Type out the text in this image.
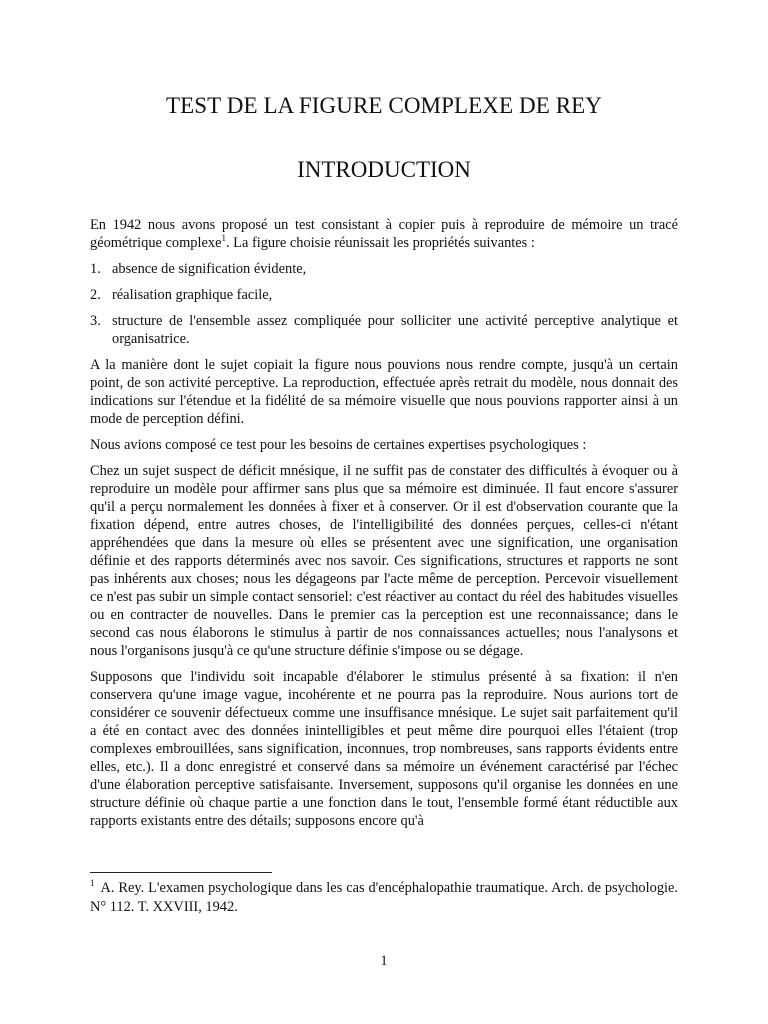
TEST DE LA FIGURE COMPLEXE DE REY
INTRODUCTION

En 1942 nous avons proposé un test consistant à copier puis à reproduire de mémoire un tracé géométrique complexe$^1$. La figure choisie réunissait les propriétés suivantes :

1. absence de signification évidente,
2. réalisation graphique facile,
3. structure de l'ensemble assez compliquée pour solliciter une activité perceptive analytique et organisatrice.

A la manière dont le sujet copiait la figure nous pouvions nous rendre compte, jusqu'à un certain point, de son activité perceptive. La reproduction, effectuée après retrait du modèle, nous donnait des indications sur l'étendue et la fidélité de sa mémoire visuelle que nous pouvions rapporter ainsi à un mode de perception défini.

Nous avions composé ce test pour les besoins de certaines expertises psychologiques :

Chez un sujet suspect de déficit mnésique, il ne suffit pas de constater des difficultés à évoquer ou à reproduire un modèle pour affirmer sans plus que sa mémoire est diminuée. Il faut encore s'assurer qu'il a perçu normalement les données à fixer et à conserver. Or il est d'observation courante que la fixation dépend, entre autres choses, de l'intelligibilité des données perçues, celles-ci n'étant appréhendées que dans la mesure où elles se présentent avec une signification, une organisation définie et des rapports déterminés avec nos savoir. Ces significations, structures et rapports ne sont pas inhérents aux choses; nous les dégageons par l'acte même de perception. Percevoir visuellement ce n'est pas subir un simple contact sensoriel: c'est réactiver au contact du réel des habitudes visuelles ou en contracter de nouvelles. Dans le premier cas la perception est une reconnaissance; dans le second cas nous élaborons le stimulus à partir de nos connaissances actuelles; nous l'analysons et nous l'organisons jusqu'à ce qu'une structure définie s'impose ou se dégage.

Supposons que l'individu soit incapable d'élaborer le stimulus présenté à sa fixation: il n'en conservera qu'une image vague, incohérente et ne pourra pas la reproduire. Nous aurions tort de considérer ce souvenir défectueux comme une insuffisance mnésique. Le sujet sait parfaitement qu'il a été en contact avec des données inintelligibles et peut même dire pourquoi elles l'étaient (trop complexes embrouillées, sans signification, inconnues, trop nombreuses, sans rapports évidents entre elles, etc.). Il a donc enregistré et conservé dans sa mémoire un événement caractérisé par l'échec d'une élaboration perceptive satisfaisante. Inversement, supposons qu'il organise les données en une structure définie où chaque partie a une fonction dans le tout, l'ensemble formé étant réductible aux rapports existants entre des détails; supposons encore qu'à

$^1$ A. Rey. L'examen psychologique dans les cas d'encéphalopathie traumatique. Arch. de psychologie. N° 112. T. XXVIII, 1942.
1
